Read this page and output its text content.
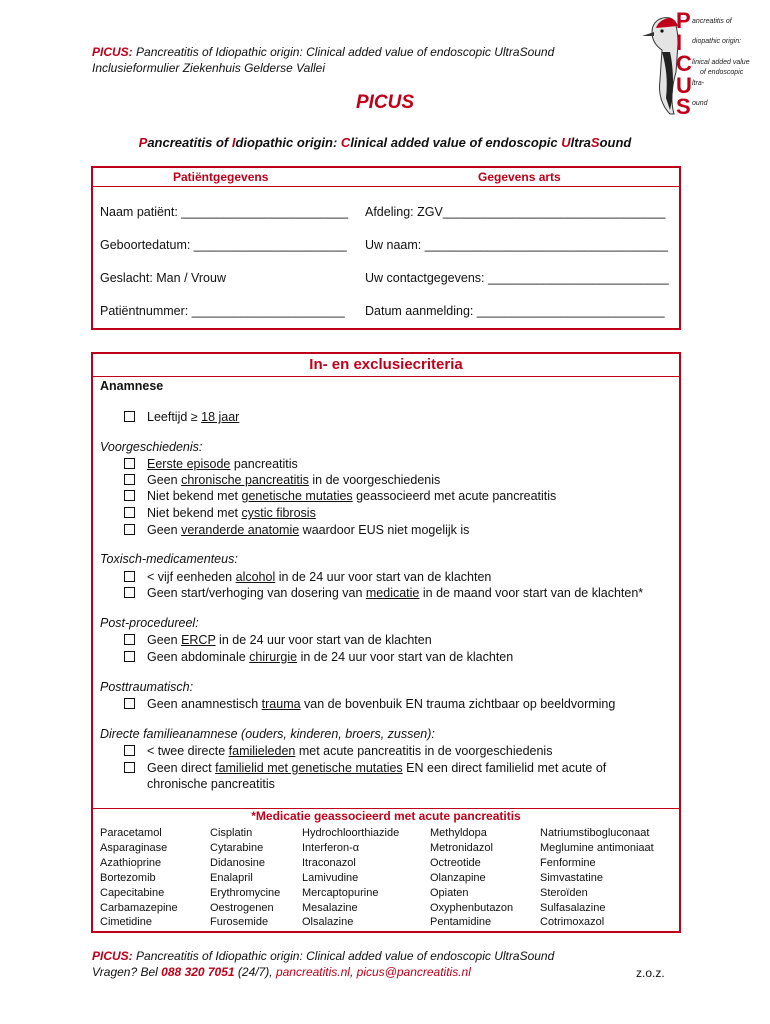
PICUS: Pancreatitis of Idiopathic origin: Clinical added value of endoscopic UltraSound
Inclusieformulier Ziekenhuis Gelderse Vallei
P
I
C
U
S
ancreatitis of
diopathic origin:
linical added value
of endoscopic
ltra-
ound
PICUS
Pancreatitis of Idiopathic origin: Clinical added value of endoscopic UltraSound
Patiëntgegevens	Gegevens arts
Naam patiënt: ________________________
Geboortedatum: ______________________
Geslacht: Man / Vrouw
Patiëntnummer: ______________________
Afdeling: ZGV________________________________
Uw naam: ___________________________________
Uw contactgegevens: __________________________
Datum aanmelding: ___________________________
In- en exclusiecriteria
Anamnese
Leeftijd ≥ 18 jaar
Voorgeschiedenis:
Eerste episode pancreatitis
Geen chronische pancreatitis in de voorgeschiedenis
Niet bekend met genetische mutaties geassocieerd met acute pancreatitis
Niet bekend met cystic fibrosis
Geen veranderde anatomie waardoor EUS niet mogelijk is
Toxisch-medicamenteus:
< vijf eenheden alcohol in de 24 uur voor start van de klachten
Geen start/verhoging van dosering van medicatie in de maand voor start van de klachten*
Post-procedureel:
Geen ERCP in de 24 uur voor start van de klachten
Geen abdominale chirurgie in de 24 uur voor start van de klachten
Posttraumatisch:
Geen anamnestisch trauma van de bovenbuik EN trauma zichtbaar op beeldvorming
Directe familieanamnese (ouders, kinderen, broers, zussen):
< twee directe familieleden met acute pancreatitis in de voorgeschiedenis
Geen direct familielid met genetische mutaties EN een direct familielid met acute of
chronische pancreatitis
*Medicatie geassocieerd met acute pancreatitis
Paracetamol
Asparaginase
Azathioprine
Bortezomib
Capecitabine
Carbamazepine
Cimetidine
Cisplatin
Cytarabine
Didanosine
Enalapril
Erythromycine
Oestrogenen
Furosemide
Hydrochloorthiazide
Interferon-α
Itraconazol
Lamivudine
Mercaptopurine
Mesalazine
Olsalazine
Methyldopa
Metronidazol
Octreotide
Olanzapine
Opiaten
Oxyphenbutazon
Pentamidine
Natriumstibogluconaat
Meglumine antimoniaat
Fenformine
Simvastatine
Steroïden
Sulfasalazine
Cotrimoxazol
PICUS: Pancreatitis of Idiopathic origin: Clinical added value of endoscopic UltraSound
Vragen? Bel 088 320 7051 (24/7), pancreatitis.nl, picus@pancreatitis.nl	z.o.z.
